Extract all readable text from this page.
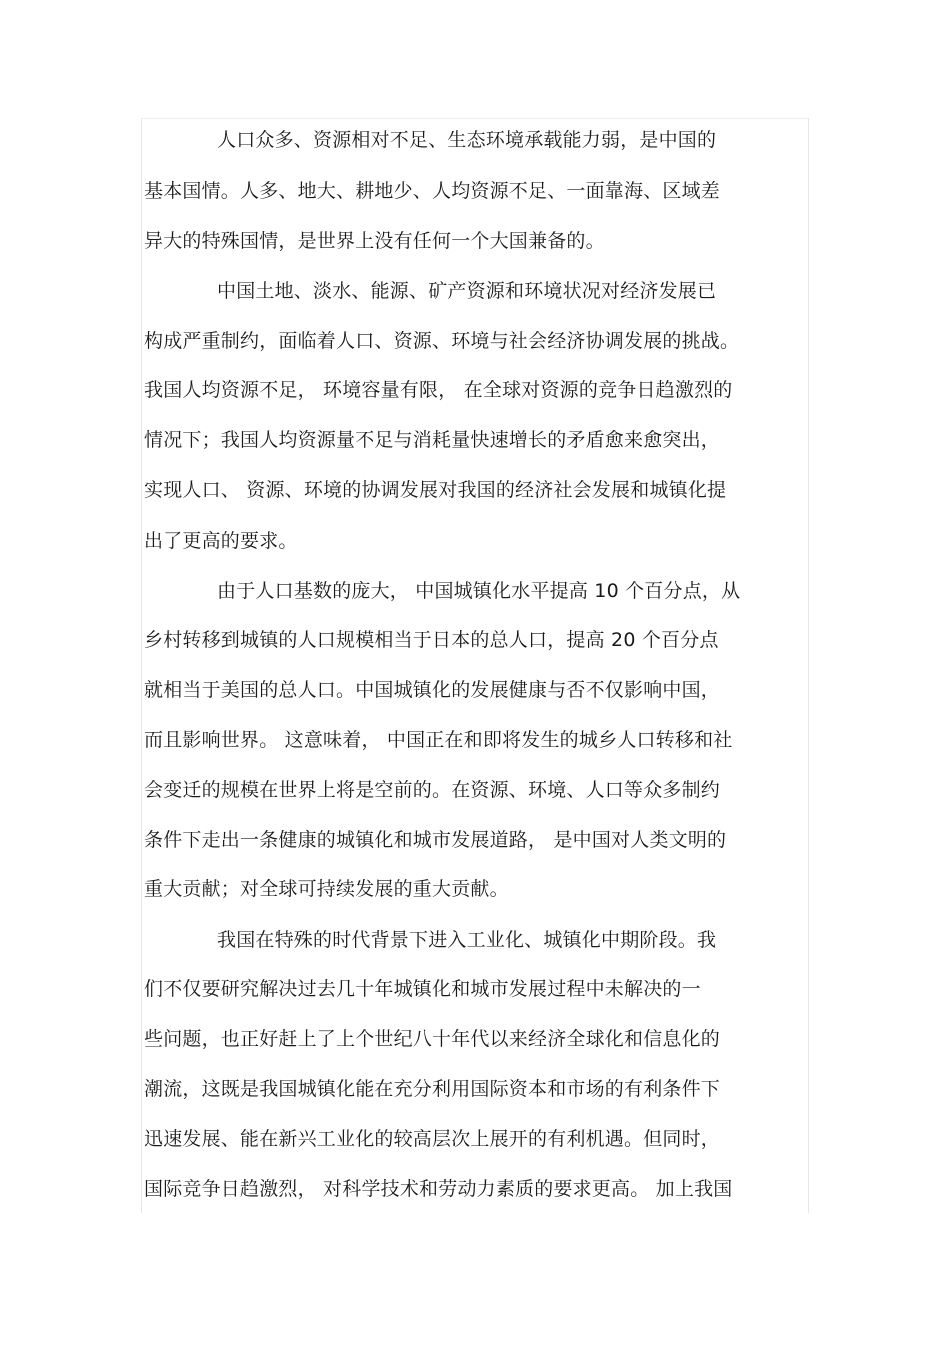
人口众多、资源相对不足、生态环境承载能力弱，是中国的
基本国情。人多、地大、耕地少、人均资源不足、一面靠海、区域差
异大的特殊国情，是世界上没有任何一个大国兼备的。
中国土地、淡水、能源、矿产资源和环境状况对经济发展已
构成严重制约，面临着人口、资源、环境与社会经济协调发展的挑战。
我国人均资源不足， 环境容量有限， 在全球对资源的竞争日趋激烈的
情况下；我国人均资源量不足与消耗量快速增长的矛盾愈来愈突出，
实现人口、 资源、环境的协调发展对我国的经济社会发展和城镇化提
出了更高的要求。
由于人口基数的庞大， 中国城镇化水平提高 10 个百分点，从
乡村转移到城镇的人口规模相当于日本的总人口，提高 20 个百分点
就相当于美国的总人口。中国城镇化的发展健康与否不仅影响中国，
而且影响世界。 这意味着， 中国正在和即将发生的城乡人口转移和社
会变迁的规模在世界上将是空前的。在资源、环境、人口等众多制约
条件下走出一条健康的城镇化和城市发展道路， 是中国对人类文明的
重大贡献；对全球可持续发展的重大贡献。
我国在特殊的时代背景下进入工业化、城镇化中期阶段。我
们不仅要研究解决过去几十年城镇化和城市发展过程中未解决的一
些问题，也正好赶上了上个世纪八十年代以来经济全球化和信息化的
潮流，这既是我国城镇化能在充分利用国际资本和市场的有利条件下
迅速发展、能在新兴工业化的较高层次上展开的有利机遇。但同时，
国际竞争日趋激烈， 对科学技术和劳动力素质的要求更高。 加上我国
